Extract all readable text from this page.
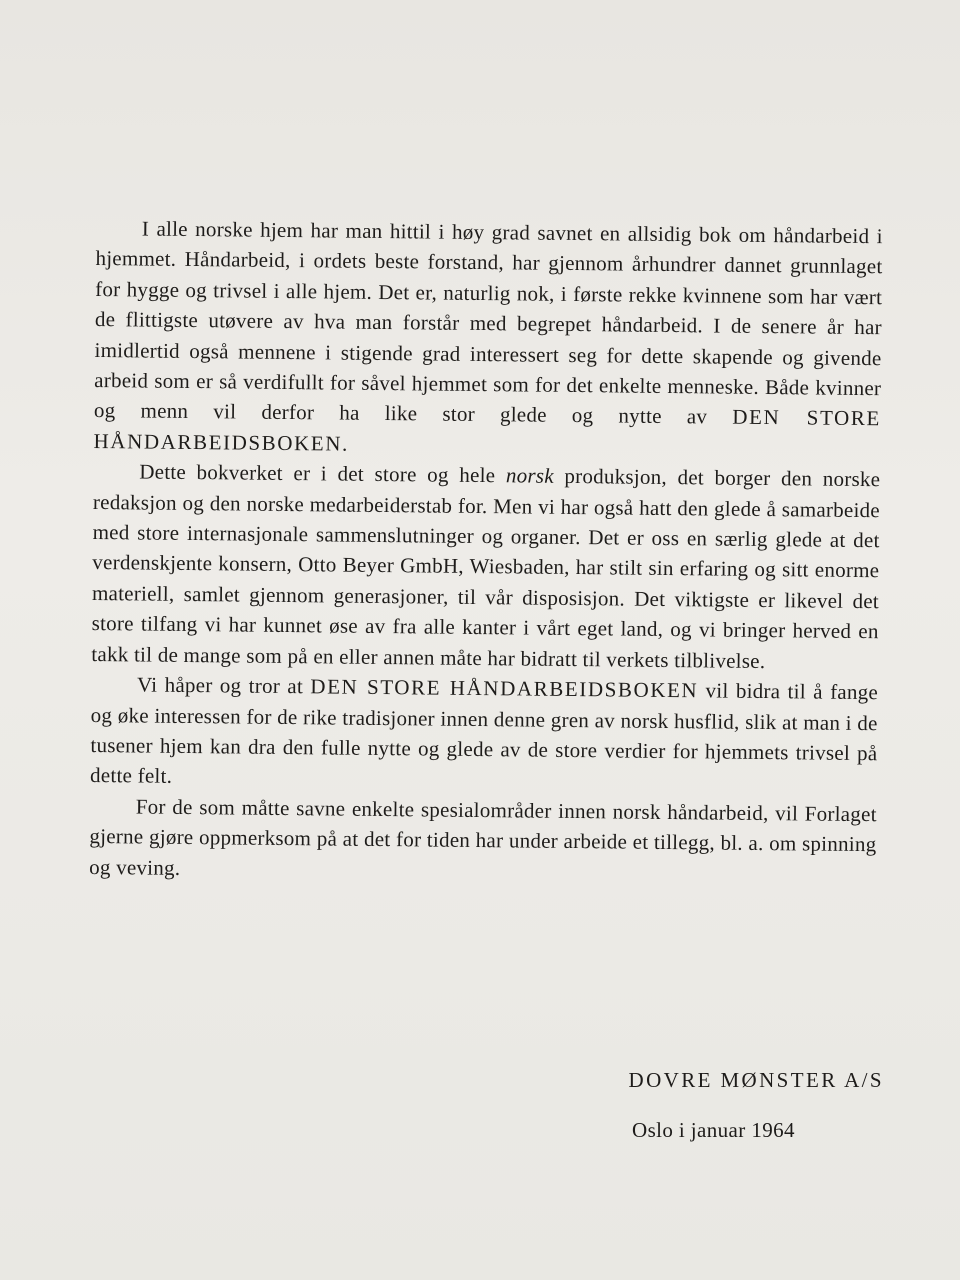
I alle norske hjem har man hittil i høy grad savnet en allsidig bok om håndarbeid i hjemmet. Håndarbeid, i ordets beste forstand, har gjennom århundrer dannet grunnlaget for hygge og trivsel i alle hjem. Det er, naturlig nok, i første rekke kvinnene som har vært de flittigste utøvere av hva man forstår med begrepet håndarbeid. I de senere år har imidlertid også mennene i stigende grad interessert seg for dette skapende og givende arbeid som er så verdifullt for såvel hjemmet som for det enkelte menneske. Både kvinner og menn vil derfor ha like stor glede og nytte av DEN STORE HÅNDARBEIDSBOKEN.

Dette bokverket er i det store og hele norsk produksjon, det borger den norske redaksjon og den norske medarbeiderstab for. Men vi har også hatt den glede å samarbeide med store internasjonale sammenslutninger og organer. Det er oss en særlig glede at det verdenskjente konsern, Otto Beyer GmbH, Wiesbaden, har stilt sin erfaring og sitt enorme materiell, samlet gjennom generasjoner, til vår disposisjon. Det viktigste er likevel det store tilfang vi har kunnet øse av fra alle kanter i vårt eget land, og vi bringer herved en takk til de mange som på en eller annen måte har bidratt til verkets tilblivelse.

Vi håper og tror at DEN STORE HÅNDARBEIDSBOKEN vil bidra til å fange og øke interessen for de rike tradisjoner innen denne gren av norsk husflid, slik at man i de tusener hjem kan dra den fulle nytte og glede av de store verdier for hjemmets trivsel på dette felt.

For de som måtte savne enkelte spesialområder innen norsk håndarbeid, vil Forlaget gjerne gjøre oppmerksom på at det for tiden har under arbeide et tillegg, bl. a. om spinning og veving.

DOVRE MØNSTER A/S
Oslo i januar 1964
